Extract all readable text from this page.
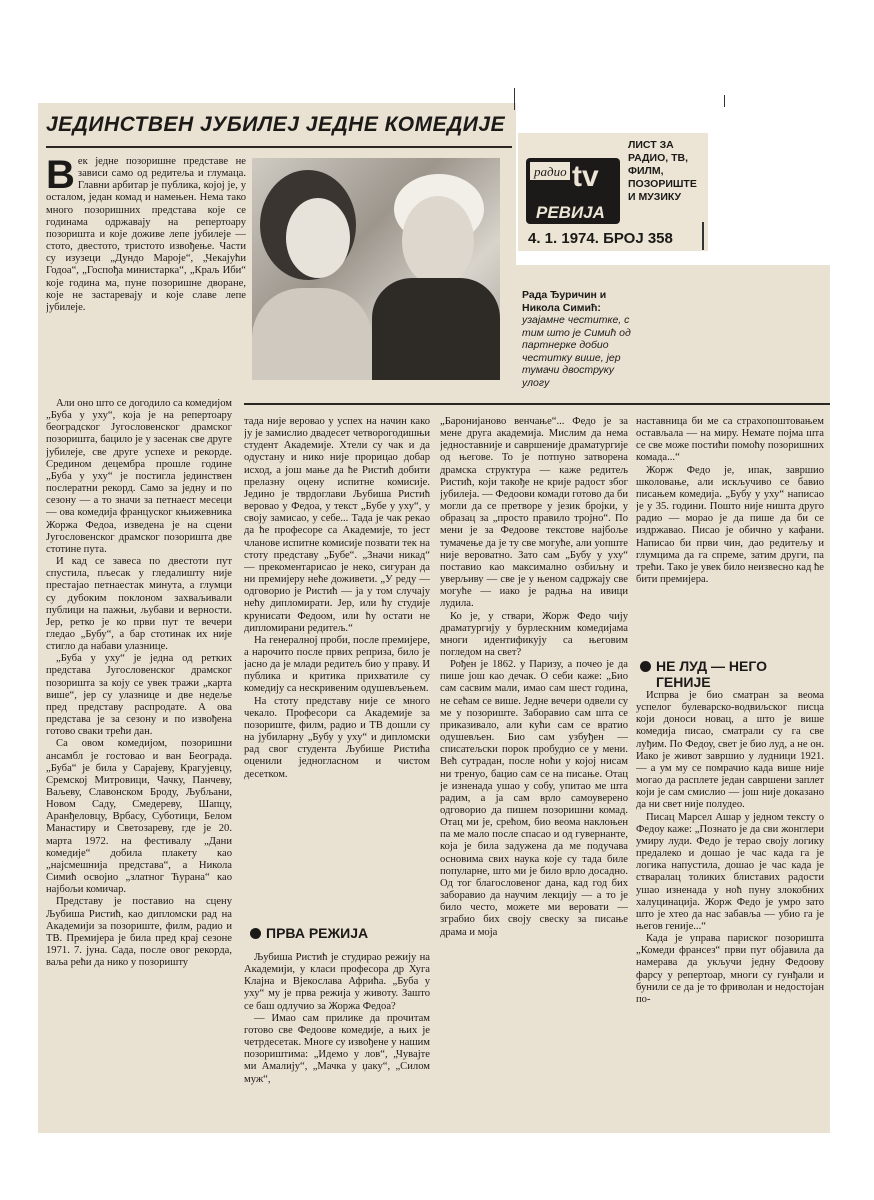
ЈЕДИНСТВЕН ЈУБИЛЕЈ ЈЕДНЕ КОМЕДИЈЕ
Рада Ђуричин и Никола Симић:
узајамне честитке, с тим што је Симић од партнерке добио честитку више, јер тумачи двоструку улогу
радио tv
РЕВИЈА
ЛИСТ ЗА РАДИО, ТВ, ФИЛМ, ПОЗОРИШТЕ И МУЗИКУ
4. 1. 1974. БРОЈ 358

Век једне позоришне представе не зависи само од редитеља и глумаца. Главни арбитар је публика, којој је, у осталом, један комад и намењен. Нема тако много позоришних представа које се годинама одржавају на репертоару позоришта и које доживе лепе јубилеје — стото, двестото, тристото извођење. Части су изузеци „Дундо Мароје“, „Чекајући Годоа“, „Госпођа министарка“, „Краљ Иби“ које година ма, пуне позоришне дворане, које не застаревају и које славе лепе јубилеје.

Али оно што се догодило са комедијом „Буба у уху“, која је на репертоару београдског Југословенског драмског позоришта, бацило је у засенак све друге јубилеје, све друге успехе и рекорде. Средином децембра прошле године „Буба у уху“ је постигла јединствен послератни рекорд. Само за једну и по сезону — а то значи за петнаест месеци — ова комедија француског књижевника Жоржа Федоа, изведена је на сцени Југословенског драмског позоришта две стотине пута.

И кад се завеса по двестоти пут спустила, пљесак у гледалишту није престајао петнаестак минута, а глумци су дубоким поклоном захваљивали публици на пажњи, љубави и верности. Јер, ретко је ко први пут те вечери гледао „Бубу“, а бар стотинак их није стигло да набави улазнице.

„Буба у уху“ је једна од ретких представа Југословенског драмског позоришта за коју се увек тражи „карта више“, јер су улазнице и две недеље пред представу распродате. А ова представа је за сезону и по извођена готово сваки трећи дан.

Са овом комедијом, позоришни ансамбл је гостовао и ван Београда. „Буба“ је била у Сарајеву, Крагујевцу, Сремској Митровици, Чачку, Панчеву, Ваљеву, Славонском Броду, Љубљани, Новом Саду, Смедереву, Шапцу, Аранђеловцу, Врбасу, Суботици, Белом Манастиру и Светозареву, где је 20. марта 1972. на фестивалу „Дани комедије“ добила плакету као „најсмешнија представа“, а Никола Симић освојио „златног Ћурана“ као најбољи комичар.

Представу је поставио на сцену Љубиша Ристић, као дипломски рад на Академији за позориште, филм, радио и ТВ. Премијера је била пред крај сезоне 1971. 7. јуна. Сада, после овог рекорда, ваља рећи да нико у позоришту

тада није веровао у успех на начин како ју је замислио двадесет четворогодишњи студент Академије. Хтели су чак и да одустану и нико није прорицао добар исход, а још мање да ће Ристић добити прелазну оцену испитне комисије. Једино је тврдоглави Љубиша Ристић веровао у Федоа, у текст „Бубе у уху“, у своју замисао, у себе... Тада је чак рекао да ће професоре са Академије, то јест чланове испитне комисије позвати тек на стоту представу „Бубе“. „Значи никад“ — прекоментарисао је неко, сигуран да ни премијеру неће доживети. „У реду — одговорио је Ристић — ја у том случају нећу дипломирати. Јер, или ћу студије крунисати Федоом, или ћу остати не дипломирани редитељ.“

На генералној проби, после премијере, а нарочито после првих репризa, било је јасно да је млади редитељ био у праву. И публика и критика прихватиле су комедију са нескривеним одушевљењем.

На стоту представу није се много чекало. Професори са Академије за позориште, филм, радио и ТВ дошли су на јубиларну „Бубу у уху“ и дипломски рад свог студента Љубише Ристића оценили једногласном и чистом десетком.

ПРВА РЕЖИЈА

Љубиша Ристић је студирао режију на Академији, у класи професора др Хуга Клајна и Вјекослава Афрића. „Буба у уху“ му је прва режија у животу. Зашто се баш одлучио за Жоржа Федоа?

— Имао сам прилике да прочитам готово све Федоове комедије, а њих је четрдесетак. Многе су извођене у нашим позориштима: „Идемо у лов“, „Чувајте ми Амалију“, „Мачка у џаку“, „Силом муж“,

„Баронијаново венчање“... Федо је за мене друга академија. Мислим да нема једноставније и савршеније драматургије од његове. То је потпуно затворена драмска структура — каже редитељ Ристић, који такође не крије радост због јубилеја. — Федоови комади готово да би могли да се претворе у језик бројки, у образац за „просто правило тројно“. По мени је за Федоове текстове најбоље тумачење да је ту све могуће, али уопште није вероватно. Зато сам „Бубу у уху“ поставио као максимално озбиљну и уверљиву — све је у њеном садржају све могуће — иако је радња на ивици лудила.

Ко је, у ствари, Жорж Федо чију драматургију у бурлескним комедијама многи идентификују са његовим погледом на свет?

Рођен је 1862. у Паризу, а почео је да пише још као дечак. О себи каже: „Био сам сасвим мали, имао сам шест година, не сећам се више. Једне вечери одвели су ме у позориште. Заборавио сам шта се приказивало, али кући сам се вратио одушевљен. Био сам узбуђен — списатељски порок пробудио се у мени. Већ сутрадан, после ноћи у којој нисам ни тренуо, бацио сам се на писање. Отац је изненада ушао у собу, упитао ме шта радим, а ја сам врло самоуверено одговорио да пишем позоришни комад. Отац ми је, срећом, био веома наклоњен па ме мало после спасао и од гувернанте, која је била задужена да ме подучава основима свих наука које су тада биле популарне, што ми је било врло досадно. Од тог благословеног дана, кад год бих заборавио да научим лекцију — а то је било често, можете ми веровати — зграбио бих своју свеску за писање драма и моја

наставница би ме са страхопоштовањем остављала — на миру. Немате појма шта се све може постићи помоћу позоришних комада...“

Жорж Федо је, ипак, завршио школовање, али искључиво се бавио писањем комедија. „Бубу у уху“ написао је у 35. години. Пошто није ништа друго радио — морао је да пише да би се издржавао. Писао је обично у кафани. Написао би први чин, дао редитељу и глумцима да га спреме, затим други, па трећи. Тако је увек било неизвесно кад ће бити премијера.

НЕ ЛУД — НЕГО
ГЕНИЈЕ

Испрва је био сматран за веома успелог булеварско-водвиљског писца који доноси новац, а што је више комедија писао, сматрали су га све луђим. По Федоу, свет је био луд, а не он. Иако је живот завршио у лудници 1921. — а ум му се помрачио када више није могао да расплете један савршени заплет који је сам смислио — још није доказано да ни свет није полудео.

Писац Марсел Ашар у једном тексту о Федоу каже: „Познато је да сви жонглери умиру луди. Федо је терао своју логику предалеко и дошао је час када га је логика напустила, дошао је час када је стваралац толиких блиставих радости ушао изненада у ноћ пуну злокобних халуцинација. Жорж Федо је умро зато што је хтео да нас забавља — убио га је његов геније...“

Када је управа париског позоришта „Комеди франсез“ први пут објавила да намерава да укључи једну Федоову фарсу у репертоар, многи су гунђали и бунили се да је то фриволан и недостојан по-
